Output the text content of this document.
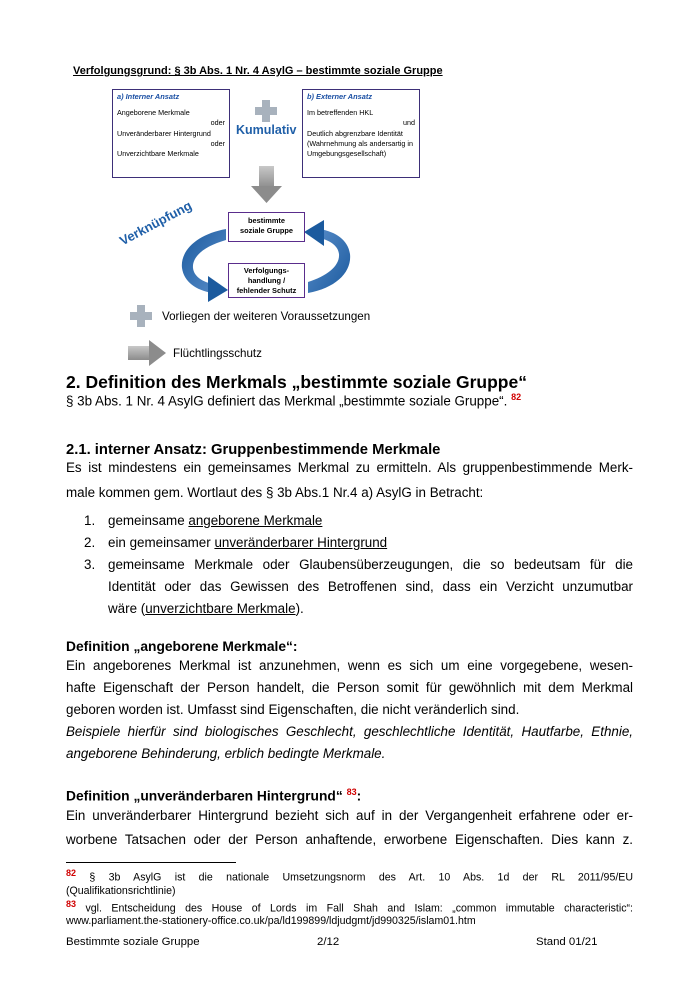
Verfolgungsgrund: § 3b Abs. 1 Nr. 4 AsylG – bestimmte soziale Gruppe
a) Interner Ansatz
Angeborene Merkmale
oder
Unveränderbarer Hintergrund
oder
Unverzichtbare Merkmale
b) Externer Ansatz
Im betreffenden HKL
und
Deutlich abgrenzbare Identität
(Wahrnehmung als andersartig in
Umgebungsgesellschaft)
Kumulativ
bestimmte
soziale Gruppe
Verknüpfung
Verfolgungs-
handlung /
fehlender Schutz
Vorliegen der weiteren Voraussetzungen
Flüchtlingsschutz
2. Definition des Merkmals „bestimmte soziale Gruppe“
§ 3b Abs. 1 Nr. 4 AsylG definiert das Merkmal „bestimmte soziale Gruppe“. $^{82}$
2.1. interner Ansatz: Gruppenbestimmende Merkmale
Es ist mindestens ein gemeinsames Merkmal zu ermitteln. Als gruppenbestimmende Merk-
male kommen gem. Wortlaut des § 3b Abs.1 Nr.4 a) AsylG in Betracht:
1. gemeinsame angeborene Merkmale
2. ein gemeinsamer unveränderbarer Hintergrund
3. gemeinsame Merkmale oder Glaubensüberzeugungen, die so bedeutsam für die
Identität oder das Gewissen des Betroffenen sind, dass ein Verzicht unzumutbar
wäre (unverzichtbare Merkmale).
Definition „angeborene Merkmale“:
Ein angeborenes Merkmal ist anzunehmen, wenn es sich um eine vorgegebene, wesen-
hafte Eigenschaft der Person handelt, die Person somit für gewöhnlich mit dem Merkmal
geboren worden ist. Umfasst sind Eigenschaften, die nicht veränderlich sind.
Beispiele hierfür sind biologisches Geschlecht, geschlechtliche Identität, Hautfarbe, Ethnie,
angeborene Behinderung, erblich bedingte Merkmale.
Definition „unveränderbaren Hintergrund“ $^{83}$:
Ein unveränderbarer Hintergrund bezieht sich auf in der Vergangenheit erfahrene oder er-
worbene Tatsachen oder der Person anhaftende, erworbene Eigenschaften. Dies kann z.
$^{82}$ § 3b AsylG ist die nationale Umsetzungsnorm des Art. 10 Abs. 1d der RL 2011/95/EU
(Qualifikationsrichtlinie)
$^{83}$ vgl. Entscheidung des House of Lords im Fall Shah and Islam: „common immutable characteristic“:
www.parliament.the-stationery-office.co.uk/pa/ld199899/ldjudgmt/jd990325/islam01.htm
Bestimmte soziale Gruppe	2/12	Stand 01/21
